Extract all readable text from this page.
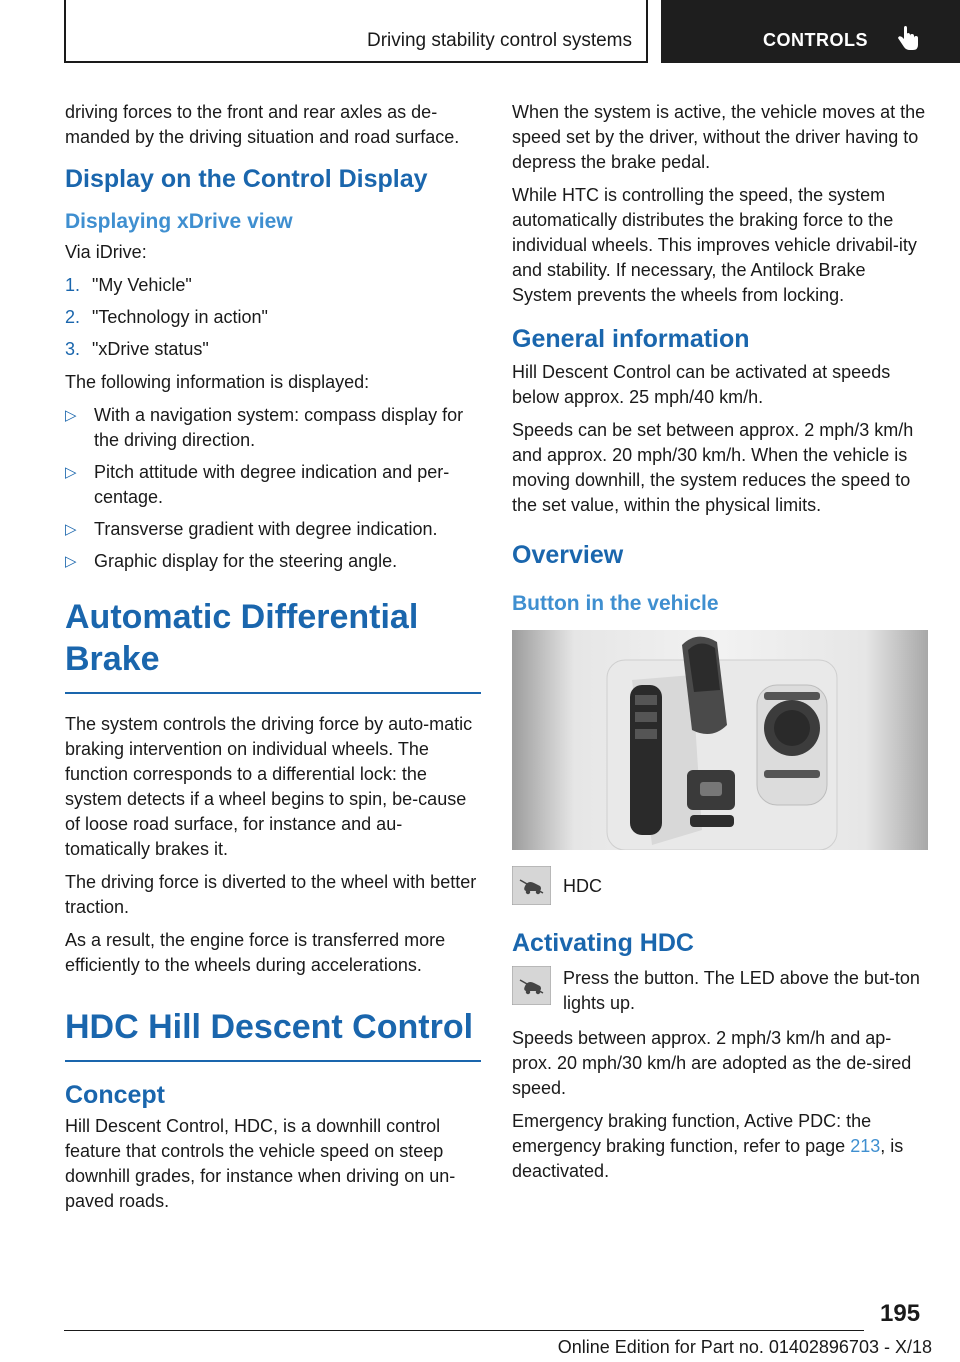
Driving stability control systems	CONTROLS

driving forces to the front and rear axles as de-manded by the driving situation and road surface.

Display on the Control Display
Displaying xDrive view

Via iDrive:

1. "My Vehicle"
2. "Technology in action"
3. "xDrive status"

The following information is displayed:

▷ With a navigation system: compass display for the driving direction.
▷ Pitch attitude with degree indication and per-centage.
▷ Transverse gradient with degree indication.
▷ Graphic display for the steering angle.
Automatic Differential Brake

The system controls the driving force by auto-matic braking intervention on individual wheels. The function corresponds to a differential lock: the system detects if a wheel begins to spin, be-cause of loose road surface, for instance and au-tomatically brakes it.

The driving force is diverted to the wheel with better traction.

As a result, the engine force is transferred more efficiently to the wheels during accelerations.

HDC Hill Descent Control
Concept

Hill Descent Control, HDC, is a downhill control feature that controls the vehicle speed on steep downhill grades, for instance when driving on un-paved roads.

When the system is active, the vehicle moves at the speed set by the driver, without the driver having to depress the brake pedal.

While HTC is controlling the speed, the system automatically distributes the braking force to the individual wheels. This improves vehicle drivabil-ity and stability. If necessary, the Antilock Brake System prevents the wheels from locking.

General information

Hill Descent Control can be activated at speeds below approx. 25 mph/40 km/h.

Speeds can be set between approx. 2 mph/3 km/h and approx. 20 mph/30 km/h. When the vehicle is moving downhill, the system reduces the speed to the set value, within the physical limits.

Overview
Button in the vehicle

HDC

Activating HDC

Press the button. The LED above the but-ton lights up.

Speeds between approx. 2 mph/3 km/h and ap-prox. 20 mph/30 km/h are adopted as the de-sired speed.

Emergency braking function, Active PDC: the emergency braking function, refer to page 213, is deactivated.

195
Online Edition for Part no. 01402896703 - X/18
